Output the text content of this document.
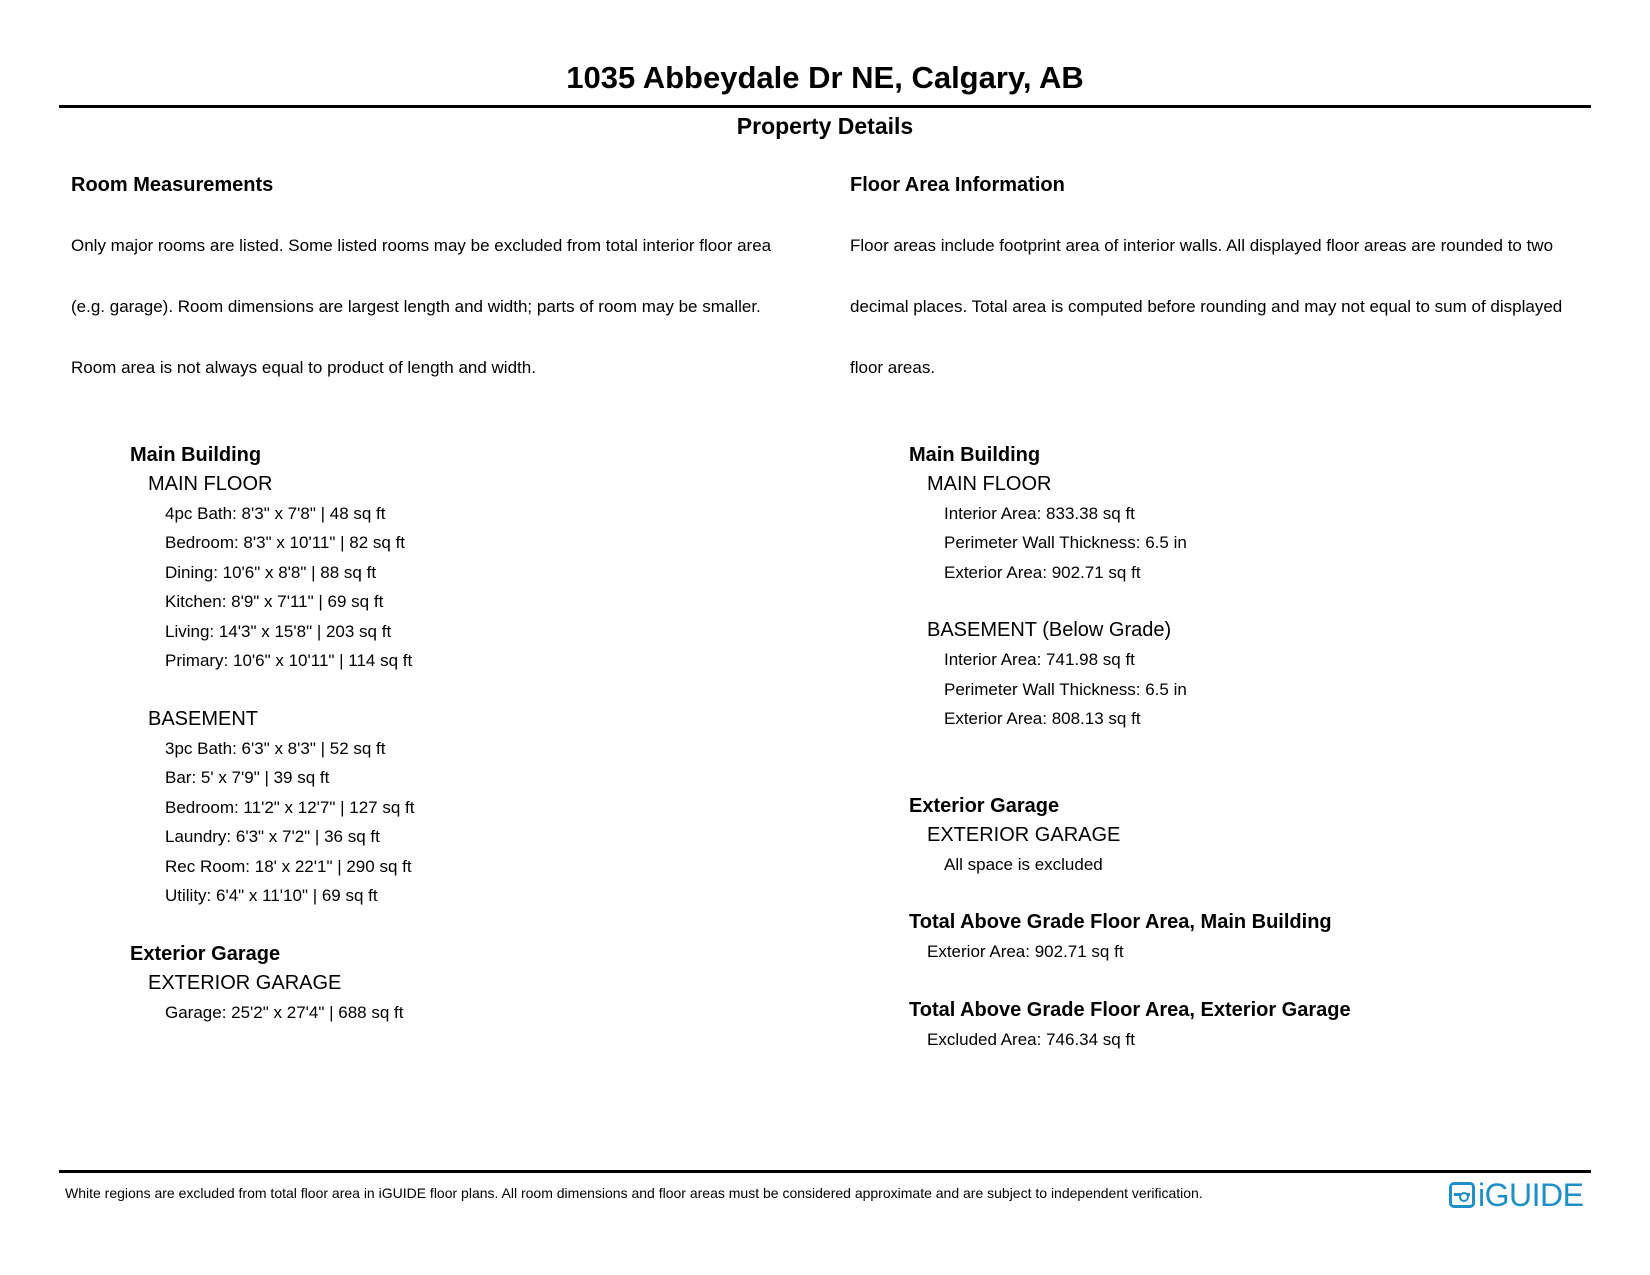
1035 Abbeydale Dr NE, Calgary, AB
Property Details
Room Measurements

Only major rooms are listed. Some listed rooms may be excluded from total interior floor area

(e.g. garage). Room dimensions are largest length and width; parts of room may be smaller.

Room area is not always equal to product of length and width.

Main Building
MAIN FLOOR
4pc Bath: 8'3" x 7'8" | 48 sq ft
Bedroom: 8'3" x 10'11" | 82 sq ft
Dining: 10'6" x 8'8" | 88 sq ft
Kitchen: 8'9" x 7'11" | 69 sq ft
Living: 14'3" x 15'8" | 203 sq ft
Primary: 10'6" x 10'11" | 114 sq ft
BASEMENT
3pc Bath: 6'3" x 8'3" | 52 sq ft
Bar: 5' x 7'9" | 39 sq ft
Bedroom: 11'2" x 12'7" | 127 sq ft
Laundry: 6'3" x 7'2" | 36 sq ft
Rec Room: 18' x 22'1" | 290 sq ft
Utility: 6'4" x 11'10" | 69 sq ft
Exterior Garage
EXTERIOR GARAGE
Garage: 25'2" x 27'4" | 688 sq ft
Floor Area Information

Floor areas include footprint area of interior walls. All displayed floor areas are rounded to two

decimal places. Total area is computed before rounding and may not equal to sum of displayed

floor areas.

Main Building
MAIN FLOOR
Interior Area: 833.38 sq ft
Perimeter Wall Thickness: 6.5 in
Exterior Area: 902.71 sq ft
BASEMENT (Below Grade)
Interior Area: 741.98 sq ft
Perimeter Wall Thickness: 6.5 in
Exterior Area: 808.13 sq ft
Exterior Garage
EXTERIOR GARAGE
All space is excluded
Total Above Grade Floor Area, Main Building
Exterior Area: 902.71 sq ft
Total Above Grade Floor Area, Exterior Garage
Excluded Area: 746.34 sq ft
White regions are excluded from total floor area in iGUIDE floor plans. All room dimensions and floor areas must be considered approximate and are subject to independent verification.	iGUIDE
